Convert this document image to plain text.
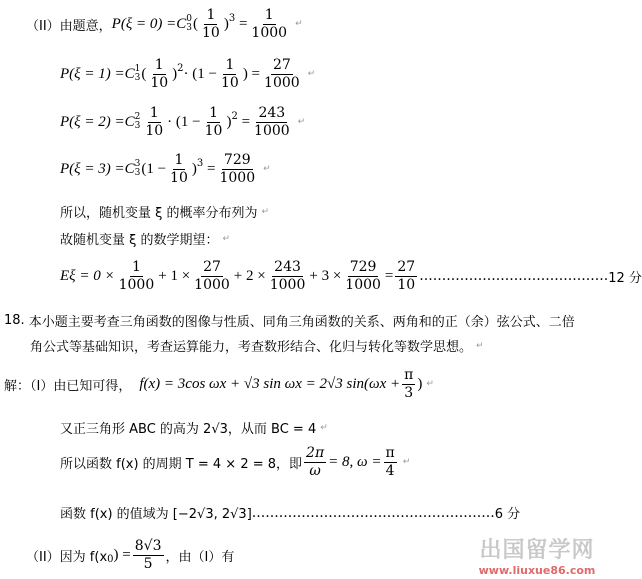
（II）由题意， P(ξ = 0) = C 0
3 ( $\frac{1}{10}$ ) $3 = \frac{1}{1000}$ ↵
P(ξ = 1) = C 1
3 ( $\frac{1}{10}$ ) $2 \cdot (1 - \frac{1}{10}$ ) = $\frac{27}{1000}$ ↵
P(ξ = 2) = C 2
$3 \frac{1}{10} \cdot (1 - \frac{1}{10}$ ) $2 = \frac{243}{1000}$ ↵
P(ξ = 3) = C 3
3 ($1 - \frac{1}{10}$ ) $3 = \frac{729}{1000}$ ↵
所以，随机变量 ξ 的概率分布列为 ↵
故随机变量 ξ 的数学期望： ↵
$E\xi = 0 \times \frac{1}{1000} + 1 \times \frac{27}{1000} + 2 \times \frac{243}{1000} + 3 \times \frac{729}{1000} = \frac{27}{10}$ …………………………………… 12 分
18. 本小题主要考查三角函数的图像与性质、同角三角函数的关系、两角和的正（余）弦公式、二倍
角公式等基础知识，考查运算能力，考查数形结合、化归与转化等数学思想。 ↵
解：（I）由已知可得， f(x) = 3cos ωx + √3 sin ωx = 2√3 $\sin(\omega x + \frac{\pi}{3}$ ) ↵
又正三角形 ABC 的高为 2√3，从而 BC = 4 ↵
所以函数 f(x) 的周期 T = 4 × 2 = 8，即 $\frac{2\pi}{\omega} = 8$, $\omega = \frac{\pi}{4}$ ↵
函数 f(x) 的值域为 [−2√3, 2√3] ……………………………………………… 6 分
（II）因为 f(x 0 ) = $\frac{8√3}{5}$ ，由（I）有	出国留学网
www.liuxue86.com
